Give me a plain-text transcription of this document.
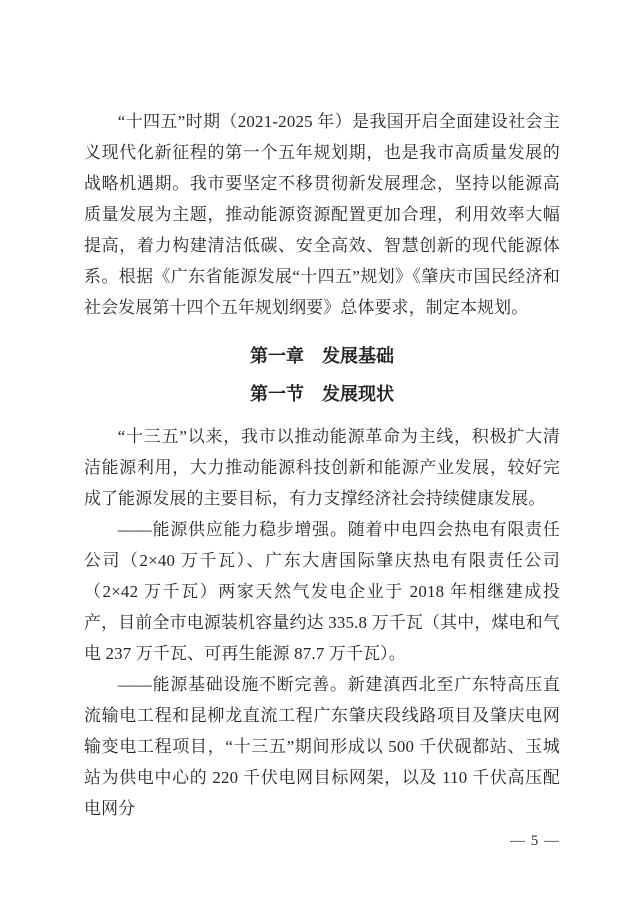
“十四五”时期（2021-2025 年）是我国开启全面建设社会主义现代化新征程的第一个五年规划期，也是我市高质量发展的战略机遇期。我市要坚定不移贯彻新发展理念，坚持以能源高质量发展为主题，推动能源资源配置更加合理，利用效率大幅提高，着力构建清洁低碳、安全高效、智慧创新的现代能源体系。根据《广东省能源发展“十四五”规划》《肇庆市国民经济和社会发展第十四个五年规划纲要》总体要求，制定本规划。

第一章　发展基础
第一节　发展现状

“十三五”以来，我市以推动能源革命为主线，积极扩大清洁能源利用，大力推动能源科技创新和能源产业发展，较好完成了能源发展的主要目标，有力支撑经济社会持续健康发展。

——能源供应能力稳步增强。随着中电四会热电有限责任公司（2×40 万千瓦）、广东大唐国际肇庆热电有限责任公司（2×42 万千瓦）两家天然气发电企业于 2018 年相继建成投产，目前全市电源装机容量约达 335.8 万千瓦（其中，煤电和气电 237 万千瓦、可再生能源 87.7 万千瓦）。

——能源基础设施不断完善。新建滇西北至广东特高压直流输电工程和昆柳龙直流工程广东肇庆段线路项目及肇庆电网输变电工程项目，“十三五”期间形成以 500 千伏砚都站、玉城站为供电中心的 220 千伏电网目标网架，以及 110 千伏高压配电网分

— 5 —
